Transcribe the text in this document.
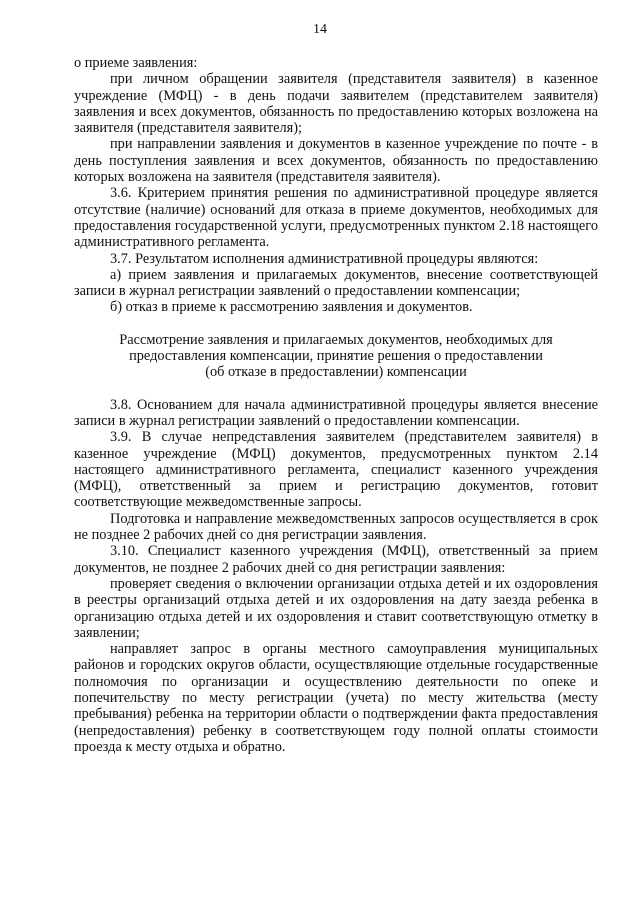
14

о приеме заявления:

при личном обращении заявителя (представителя заявителя) в казенное учреждение (МФЦ) - в день подачи заявителем (представителем заявителя) заявления и всех документов, обязанность по предоставлению которых возложена на заявителя (представителя заявителя);

при направлении заявления и документов в казенное учреждение по почте - в день поступления заявления и всех документов, обязанность по предоставлению которых возложена на заявителя (представителя заявителя).

3.6. Критерием принятия решения по административной процедуре является отсутствие (наличие) оснований для отказа в приеме документов, необходимых для предоставления государственной услуги, предусмотренных пунктом 2.18 настоящего административного регламента.

3.7. Результатом исполнения административной процедуры являются:

а) прием заявления и прилагаемых документов, внесение соответствующей записи в журнал регистрации заявлений о предоставлении компенсации;

б) отказ в приеме к рассмотрению заявления и документов.

Рассмотрение заявления и прилагаемых документов, необходимых для

предоставления компенсации, принятие решения о предоставлении

(об отказе в предоставлении) компенсации

3.8. Основанием для начала административной процедуры является внесение записи в журнал регистрации заявлений о предоставлении компенсации.

3.9. В случае непредставления заявителем (представителем заявителя) в казенное учреждение (МФЦ) документов, предусмотренных пунктом 2.14 настоящего административного регламента, специалист казенного учреждения (МФЦ), ответственный за прием и регистрацию документов, готовит соответствующие межведомственные запросы.

Подготовка и направление межведомственных запросов осуществляется в срок не позднее 2 рабочих дней со дня регистрации заявления.

3.10. Специалист казенного учреждения (МФЦ), ответственный за прием документов, не позднее 2 рабочих дней со дня регистрации заявления:

проверяет сведения о включении организации отдыха детей и их оздоровления в реестры организаций отдыха детей и их оздоровления на дату заезда ребенка в организацию отдыха детей и их оздоровления и ставит соответствующую отметку в заявлении;

направляет запрос в органы местного самоуправления муниципальных районов и городских округов области, осуществляющие отдельные государственные полномочия по организации и осуществлению деятельности по опеке и попечительству по месту регистрации (учета) по месту жительства (месту пребывания) ребенка на территории области о подтверждении факта предоставления (непредоставления) ребенку в соответствующем году полной оплаты стоимости проезда к месту отдыха и обратно.
